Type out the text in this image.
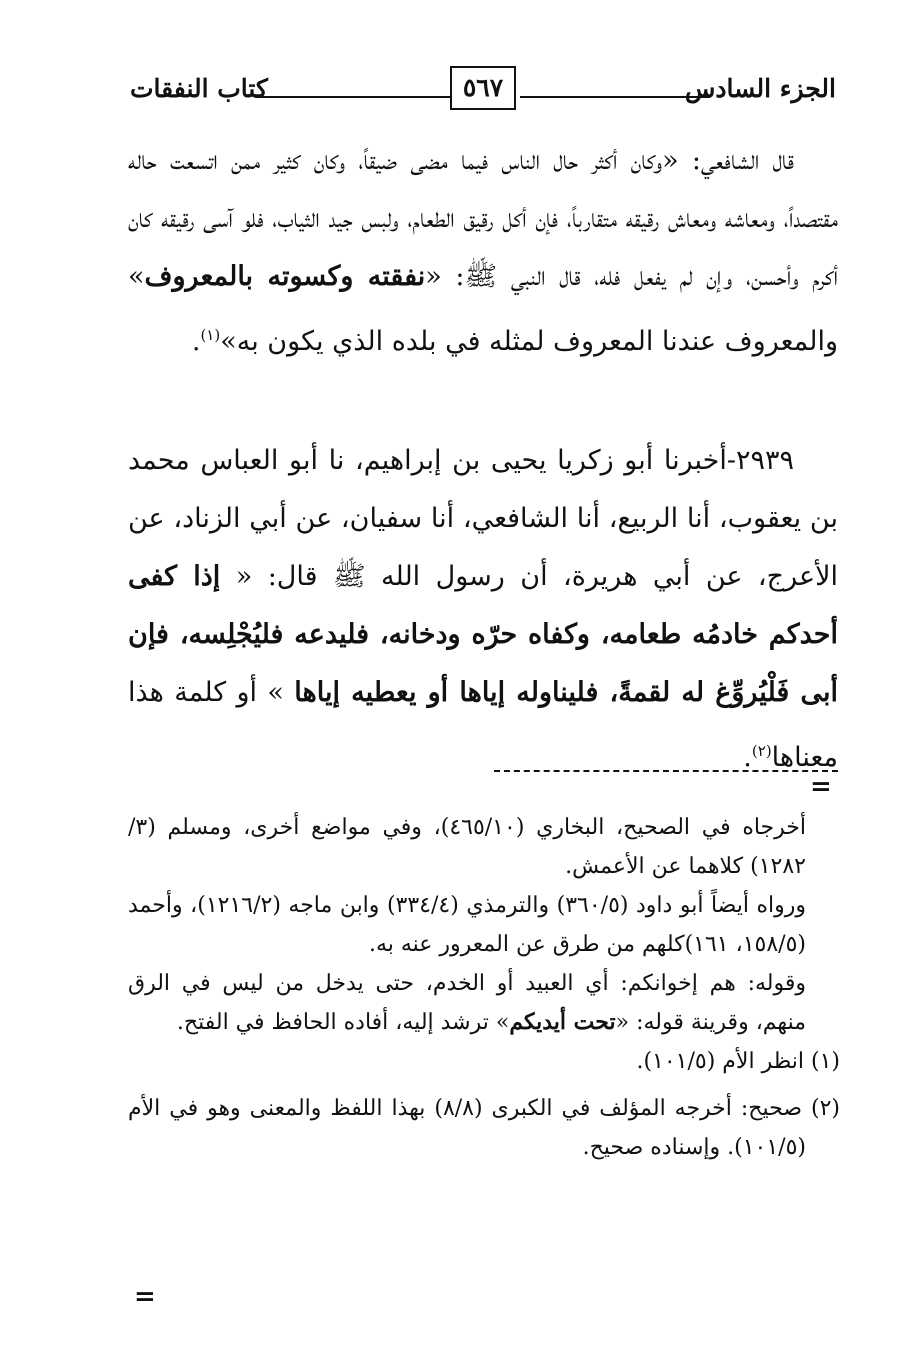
الجزء السادس
٥٦٧
كتاب النفقات
قال الشافعي: «وكان أكثر حال الناس فيما مضى ضيقاً، وكان كثير ممن اتسعت حاله مقتصداً، ومعاشه ومعاش رقيقه متقارباً، فإن أكل رقيق الطعام، ولبس جيد الثياب، فلو آسى رقيقه كان أكرم وأحسن، وإن لم يفعل فله، قال النبي ﷺ: «نفقته وكسوته بالمعروف» والمعروف عندنا المعروف لمثله في بلده الذي يكون به»$^{(١)}$.
٢٩٣٩-أخبرنا أبو زكريا يحيى بن إبراهيم، نا أبو العباس محمد بن يعقوب، أنا الربيع، أنا الشافعي، أنا سفيان، عن أبي الزناد، عن الأعرج، عن أبي هريرة، أن رسول الله ﷺ قال: « إذا كفى أحدكم خادمُه طعامه، وكفاه حرّه ودخانه، فليدعه فليُجْلِسه، فإن أبى فَلْيُروِّغ له لقمةً، فليناوله إياها أو يعطيه إياها » أو كلمة هذا معناها$^{(٢)}$.
=
أخرجاه في الصحيح، البخاري (٤٦٥/١٠)، وفي مواضع أخرى، ومسلم (٣/ ١٢٨٢) كلاهما عن الأعمش.
ورواه أيضاً أبو داود (٣٦٠/٥) والترمذي (٣٣٤/٤) وابن ماجه (١٢١٦/٢)، وأحمد (١٥٨/٥، ١٦١)كلهم من طرق عن المعرور عنه به.
وقوله: هم إخوانكم: أي العبيد أو الخدم، حتى يدخل من ليس في الرق منهم، وقرينة قوله: «تحت أيديكم» ترشد إليه، أفاده الحافظ في الفتح.
(١) انظر الأم (١٠١/٥).
(٢) صحيح: أخرجه المؤلف في الكبرى (٨/٨) بهذا اللفظ والمعنى وهو في الأم (١٠١/٥). وإسناده صحيح.
=
